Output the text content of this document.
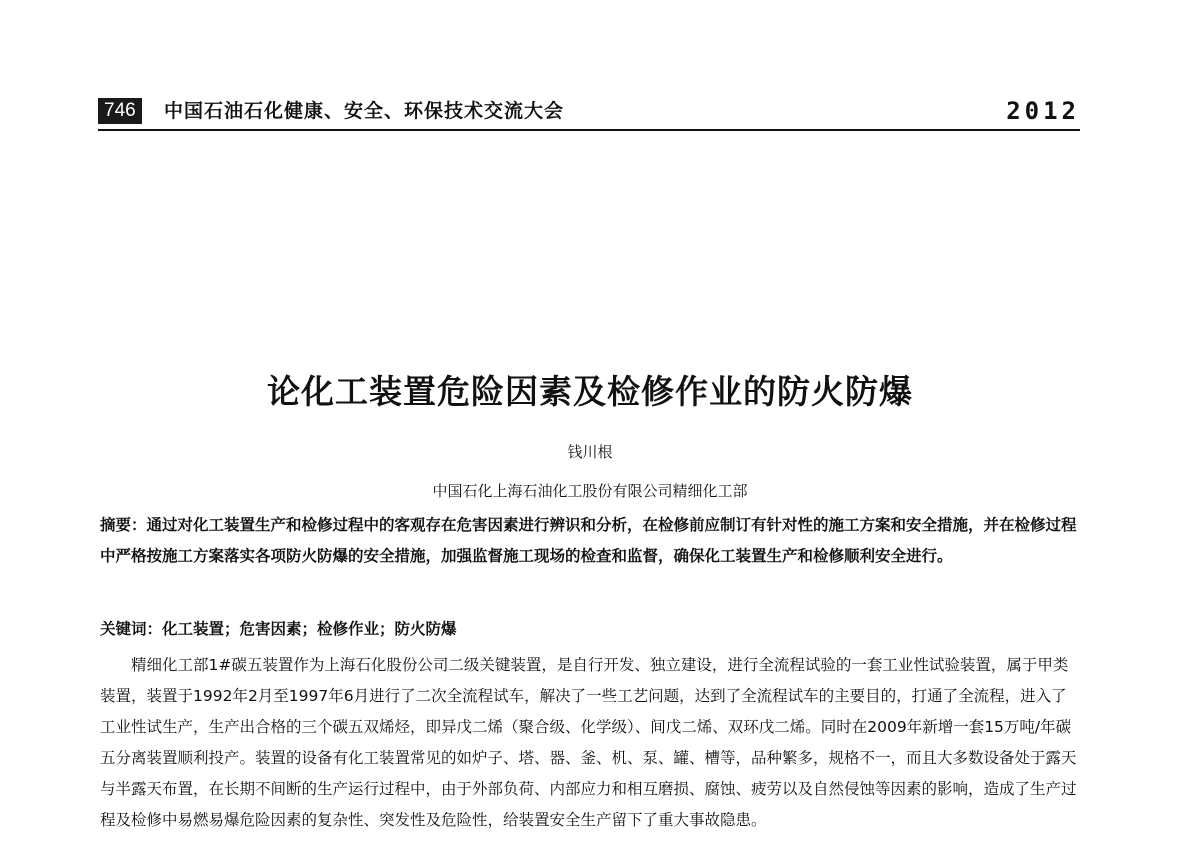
746	中国石油石化健康、安全、环保技术交流大会	2012
论化工装置危险因素及检修作业的防火防爆
钱川根
中国石化上海石油化工股份有限公司精细化工部
摘要：通过对化工装置生产和检修过程中的客观存在危害因素进行辨识和分析，在检修前应制订有针对性的施工方案和安全措施，并在检修过程中严格按施工方案落实各项防火防爆的安全措施，加强监督施工现场的检查和监督，确保化工装置生产和检修顺利安全进行。
关键词：化工装置；危害因素；检修作业；防火防爆
精细化工部1#碳五装置作为上海石化股份公司二级关键装置，是自行开发、独立建设，进行全流程试验的一套工业性试验装置，属于甲类装置，装置于1992年2月至1997年6月进行了二次全流程试车，解决了一些工艺问题，达到了全流程试车的主要目的，打通了全流程，进入了工业性试生产，生产出合格的三个碳五双烯烃，即异戊二烯（聚合级、化学级）、间戊二烯、双环戊二烯。同时在2009年新增一套15万吨/年碳五分离装置顺利投产。装置的设备有化工装置常见的如炉子、塔、器、釜、机、泵、罐、槽等，品种繁多，规格不一，而且大多数设备处于露天与半露天布置，在长期不间断的生产运行过程中，由于外部负荷、内部应力和相互磨损、腐蚀、疲劳以及自然侵蚀等因素的影响，造成了生产过程及检修中易燃易爆危险因素的复杂性、突发性及危险性，给装置安全生产留下了重大事故隐患。
